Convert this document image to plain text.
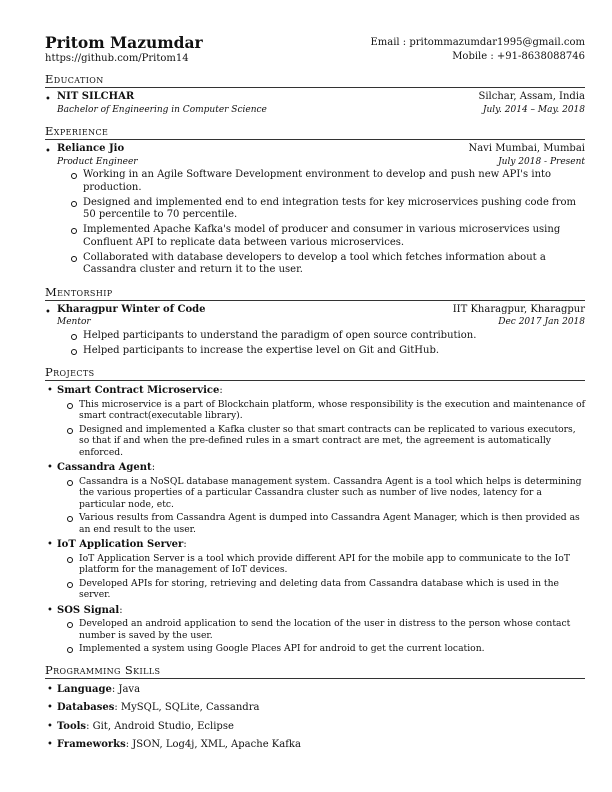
Pritom Mazumdar
https://github.com/Pritom14
Email : pritommazumdar1995@gmail.com
Mobile : +91-8638088746
Education
• NIT SILCHAR	Silchar, Assam, India
Bachelor of Engineering in Computer Science	July. 2014 – May. 2018
Experience
• Reliance Jio	Navi Mumbai, Mumbai
Product Engineer	July 2018 - Present
Working in an Agile Software Development environment to develop and push new API's into production.
Designed and implemented end to end integration tests for key microservices pushing code from 50 percentile to 70 percentile.
Implemented Apache Kafka's model of producer and consumer in various microservices using Confluent API to replicate data between various microservices.
Collaborated with database developers to develop a tool which fetches information about a Cassandra cluster and return it to the user.
Mentorship
• Kharagpur Winter of Code	IIT Kharagpur, Kharagpur
Mentor	Dec 2017 Jan 2018
Helped participants to understand the paradigm of open source contribution.
Helped participants to increase the expertise level on Git and GitHub.
Projects
• Smart Contract Microservice:
This microservice is a part of Blockchain platform, whose responsibility is the execution and maintenance of smart contract(executable library).
Designed and implemented a Kafka cluster so that smart contracts can be replicated to various executors, so that if and when the pre-defined rules in a smart contract are met, the agreement is automatically enforced.
• Cassandra Agent:
Cassandra is a NoSQL database management system. Cassandra Agent is a tool which helps is determining the various properties of a particular Cassandra cluster such as number of live nodes, latency for a particular node, etc.
Various results from Cassandra Agent is dumped into Cassandra Agent Manager, which is then provided as an end result to the user.
• IoT Application Server:
IoT Application Server is a tool which provide different API for the mobile app to communicate to the IoT platform for the management of IoT devices.
Developed APIs for storing, retrieving and deleting data from Cassandra database which is used in the server.
• SOS Signal:
Developed an android application to send the location of the user in distress to the person whose contact number is saved by the user.
Implemented a system using Google Places API for android to get the current location.
Programming Skills
• Language: Java
• Databases: MySQL, SQLite, Cassandra
• Tools: Git, Android Studio, Eclipse
• Frameworks: JSON, Log4j, XML, Apache Kafka
